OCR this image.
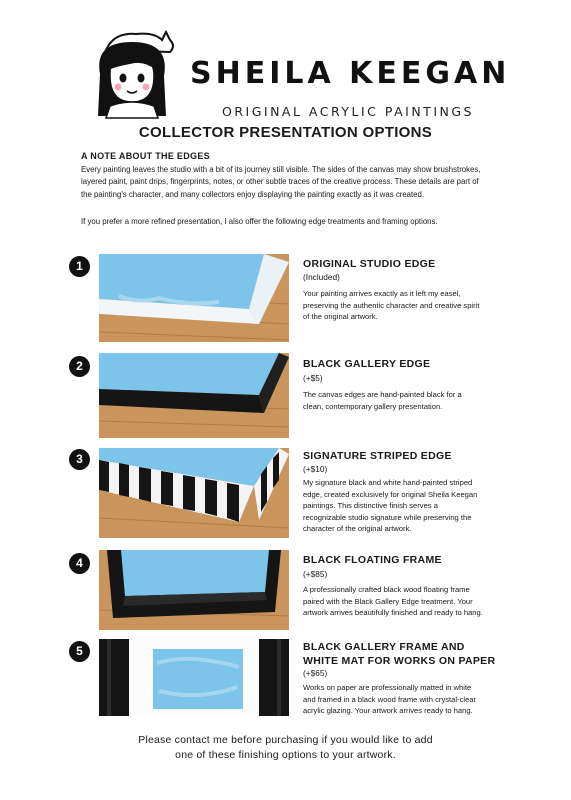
SHEILA KEEGAN
ORIGINAL ACRYLIC PAINTINGS
COLLECTOR PRESENTATION OPTIONS
A NOTE ABOUT THE EDGES
Every painting leaves the studio with a bit of its journey still visible. The sides of the canvas may show brushstrokes, layered paint, paint drips, fingerprints, notes, or other subtle traces of the creative process. These details are part of the painting's character, and many collectors enjoy displaying the painting exactly as it was created.
If you prefer a more refined presentation, I also offer the following edge treatments and framing options.
1	ORIGINAL STUDIO EDGE
(Included)
Your painting arrives exactly as it left my easel, preserving the authentic character and creative spirit of the original artwork.
2	BLACK GALLERY EDGE
(+$5)
The canvas edges are hand-painted black for a clean, contemporary gallery presentation.
3	SIGNATURE STRIPED EDGE
(+$10)
My signature black and white hand-painted striped edge, created exclusively for original Sheila Keegan paintings. This distinctive finish serves a recognizable studio signature while preserving the character of the original artwork.
4	BLACK FLOATING FRAME
(+$85)
A professionally crafted black wood floating frame paired with the Black Gallery Edge treatment. Your artwork arrives beautifully finished and ready to hang.
5	BLACK GALLERY FRAME AND WHITE MAT FOR WORKS ON PAPER
(+$65)
Works on paper are professionally matted in white and framed in a black wood frame with crystal-clear acrylic glazing. Your artwork arrives ready to hang.
Please contact me before purchasing if you would like to add
one of these finishing options to your artwork.
